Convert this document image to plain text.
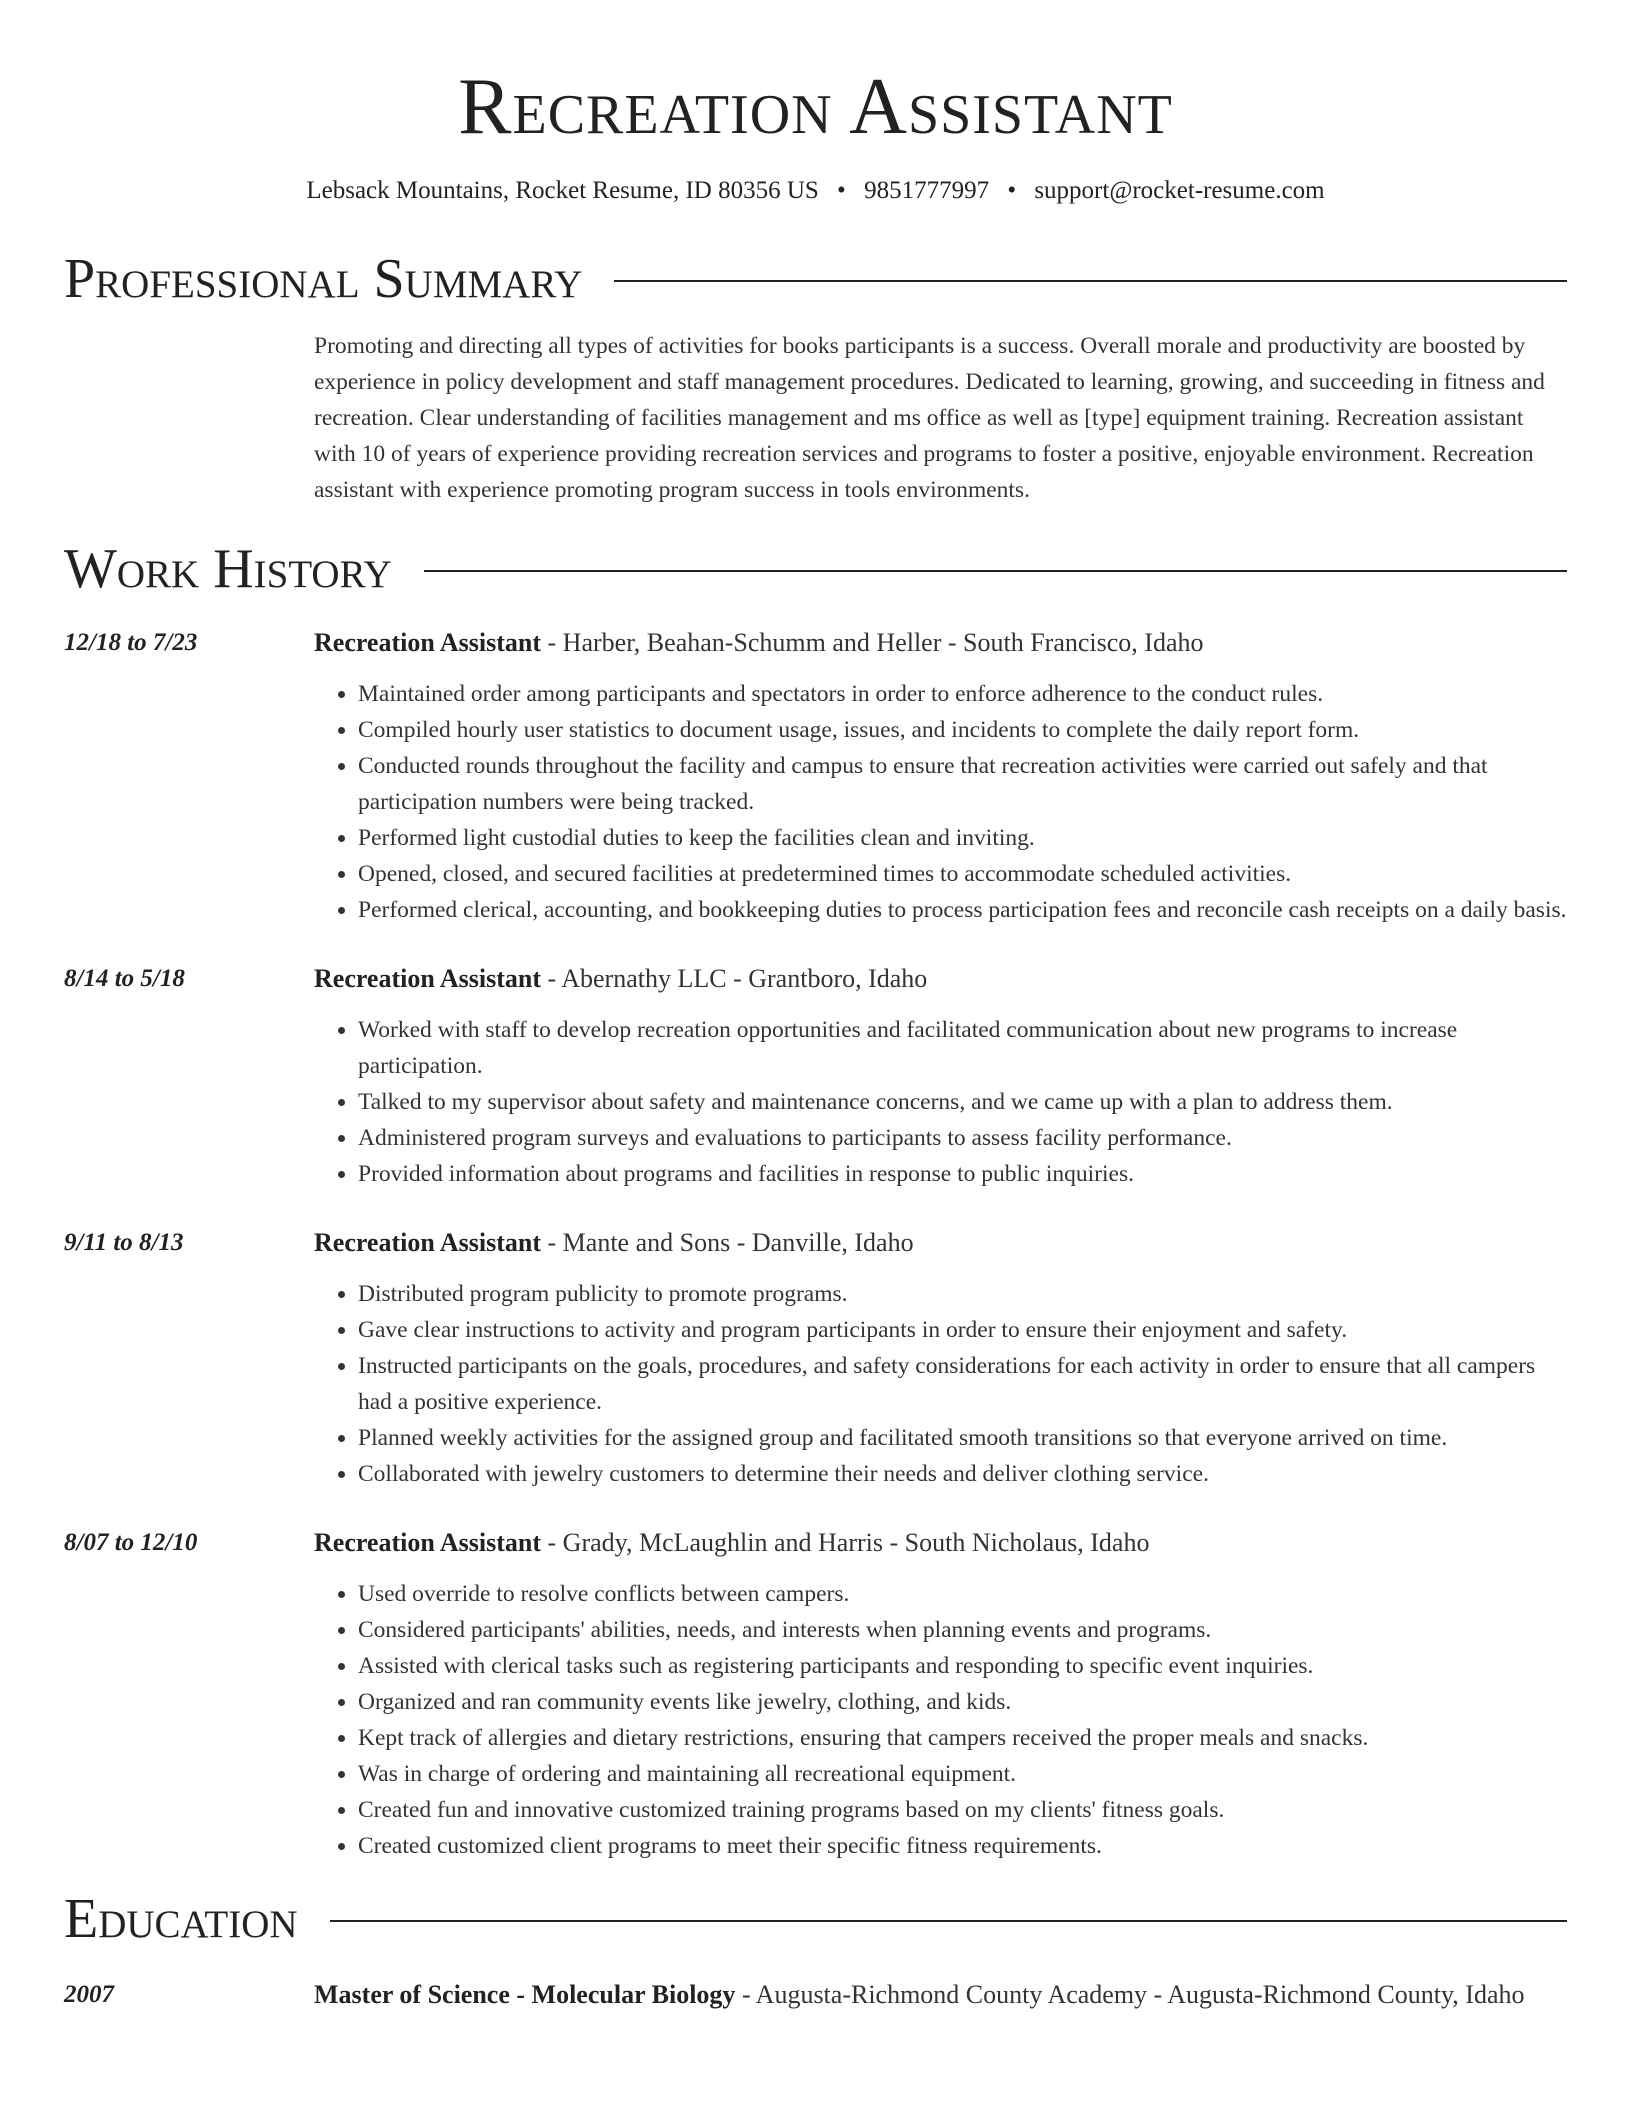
Recreation Assistant
Lebsack Mountains, Rocket Resume, ID 80356 US • 9851777997 • support@rocket-resume.com
Professional Summary
Promoting and directing all types of activities for books participants is a success. Overall morale and productivity are boosted by experience in policy development and staff management procedures. Dedicated to learning, growing, and succeeding in fitness and recreation. Clear understanding of facilities management and ms office as well as [type] equipment training. Recreation assistant with 10 of years of experience providing recreation services and programs to foster a positive, enjoyable environment. Recreation assistant with experience promoting program success in tools environments.
Work History
12/18 to 7/23	Recreation Assistant - Harber, Beahan-Schumm and Heller - South Francisco, Idaho
• Maintained order among participants and spectators in order to enforce adherence to the conduct rules.
• Compiled hourly user statistics to document usage, issues, and incidents to complete the daily report form.
• Conducted rounds throughout the facility and campus to ensure that recreation activities were carried out safely and that participation numbers were being tracked.
• Performed light custodial duties to keep the facilities clean and inviting.
• Opened, closed, and secured facilities at predetermined times to accommodate scheduled activities.
• Performed clerical, accounting, and bookkeeping duties to process participation fees and reconcile cash receipts on a daily basis.
8/14 to 5/18	Recreation Assistant - Abernathy LLC - Grantboro, Idaho
• Worked with staff to develop recreation opportunities and facilitated communication about new programs to increase participation.
• Talked to my supervisor about safety and maintenance concerns, and we came up with a plan to address them.
• Administered program surveys and evaluations to participants to assess facility performance.
• Provided information about programs and facilities in response to public inquiries.
9/11 to 8/13	Recreation Assistant - Mante and Sons - Danville, Idaho
• Distributed program publicity to promote programs.
• Gave clear instructions to activity and program participants in order to ensure their enjoyment and safety.
• Instructed participants on the goals, procedures, and safety considerations for each activity in order to ensure that all campers had a positive experience.
• Planned weekly activities for the assigned group and facilitated smooth transitions so that everyone arrived on time.
• Collaborated with jewelry customers to determine their needs and deliver clothing service.
8/07 to 12/10	Recreation Assistant - Grady, McLaughlin and Harris - South Nicholaus, Idaho
• Used override to resolve conflicts between campers.
• Considered participants' abilities, needs, and interests when planning events and programs.
• Assisted with clerical tasks such as registering participants and responding to specific event inquiries.
• Organized and ran community events like jewelry, clothing, and kids.
• Kept track of allergies and dietary restrictions, ensuring that campers received the proper meals and snacks.
• Was in charge of ordering and maintaining all recreational equipment.
• Created fun and innovative customized training programs based on my clients' fitness goals.
• Created customized client programs to meet their specific fitness requirements.
Education
2007	Master of Science - Molecular Biology - Augusta-Richmond County Academy - Augusta-Richmond County, Idaho
